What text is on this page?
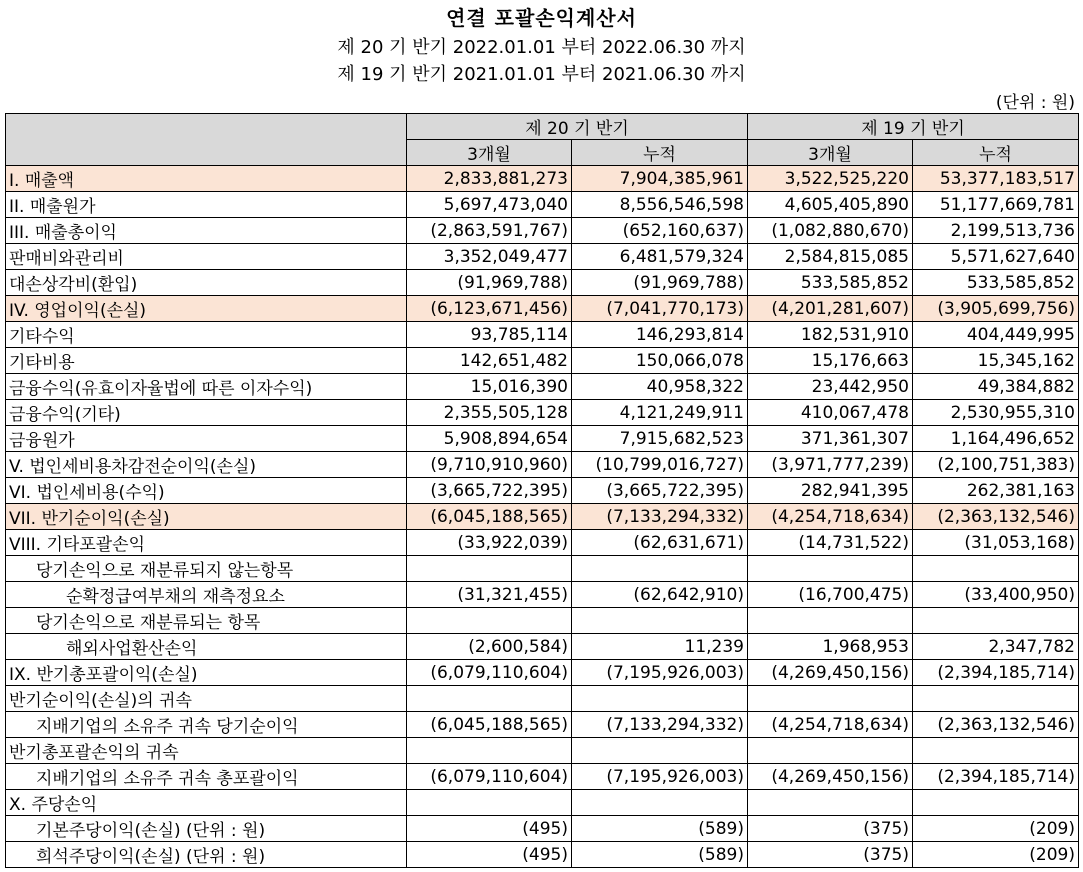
연결 포괄손익계산서
제 20 기 반기 2022.01.01 부터 2022.06.30 까지
제 19 기 반기 2021.01.01 부터 2021.06.30 까지
(단위 : 원)
	제 20 기 반기		제 19 기 반기	
	3개월	누적	3개월	누적
I. 매출액	2,833,881,273	7,904,385,961	3,522,525,220	53,377,183,517
II. 매출원가	5,697,473,040	8,556,546,598	4,605,405,890	51,177,669,781
III. 매출총이익	(2,863,591,767)	(652,160,637)	(1,082,880,670)	2,199,513,736
판매비와관리비	3,352,049,477	6,481,579,324	2,584,815,085	5,571,627,640
대손상각비(환입)	(91,969,788)	(91,969,788)	533,585,852	533,585,852
IV. 영업이익(손실)	(6,123,671,456)	(7,041,770,173)	(4,201,281,607)	(3,905,699,756)
기타수익	93,785,114	146,293,814	182,531,910	404,449,995
기타비용	142,651,482	150,066,078	15,176,663	15,345,162
금융수익(유효이자율법에 따른 이자수익)	15,016,390	40,958,322	23,442,950	49,384,882
금융수익(기타)	2,355,505,128	4,121,249,911	410,067,478	2,530,955,310
금융원가	5,908,894,654	7,915,682,523	371,361,307	1,164,496,652
V. 법인세비용차감전순이익(손실)	(9,710,910,960)	(10,799,016,727)	(3,971,777,239)	(2,100,751,383)
VI. 법인세비용(수익)	(3,665,722,395)	(3,665,722,395)	282,941,395	262,381,163
VII. 반기순이익(손실)	(6,045,188,565)	(7,133,294,332)	(4,254,718,634)	(2,363,132,546)
VIII. 기타포괄손익	(33,922,039)	(62,631,671)	(14,731,522)	(31,053,168)
당기손익으로 재분류되지 않는항목				
순확정급여부채의 재측정요소	(31,321,455)	(62,642,910)	(16,700,475)	(33,400,950)
당기손익으로 재분류되는 항목				
해외사업환산손익	(2,600,584)	11,239	1,968,953	2,347,782
IX. 반기총포괄이익(손실)	(6,079,110,604)	(7,195,926,003)	(4,269,450,156)	(2,394,185,714)
반기순이익(손실)의 귀속				
지배기업의 소유주 귀속 당기순이익	(6,045,188,565)	(7,133,294,332)	(4,254,718,634)	(2,363,132,546)
반기총포괄손익의 귀속				
지배기업의 소유주 귀속 총포괄이익	(6,079,110,604)	(7,195,926,003)	(4,269,450,156)	(2,394,185,714)
X. 주당손익				
기본주당이익(손실) (단위 : 원)	(495)	(589)	(375)	(209)
희석주당이익(손실) (단위 : 원)	(495)	(589)	(375)	(209)
